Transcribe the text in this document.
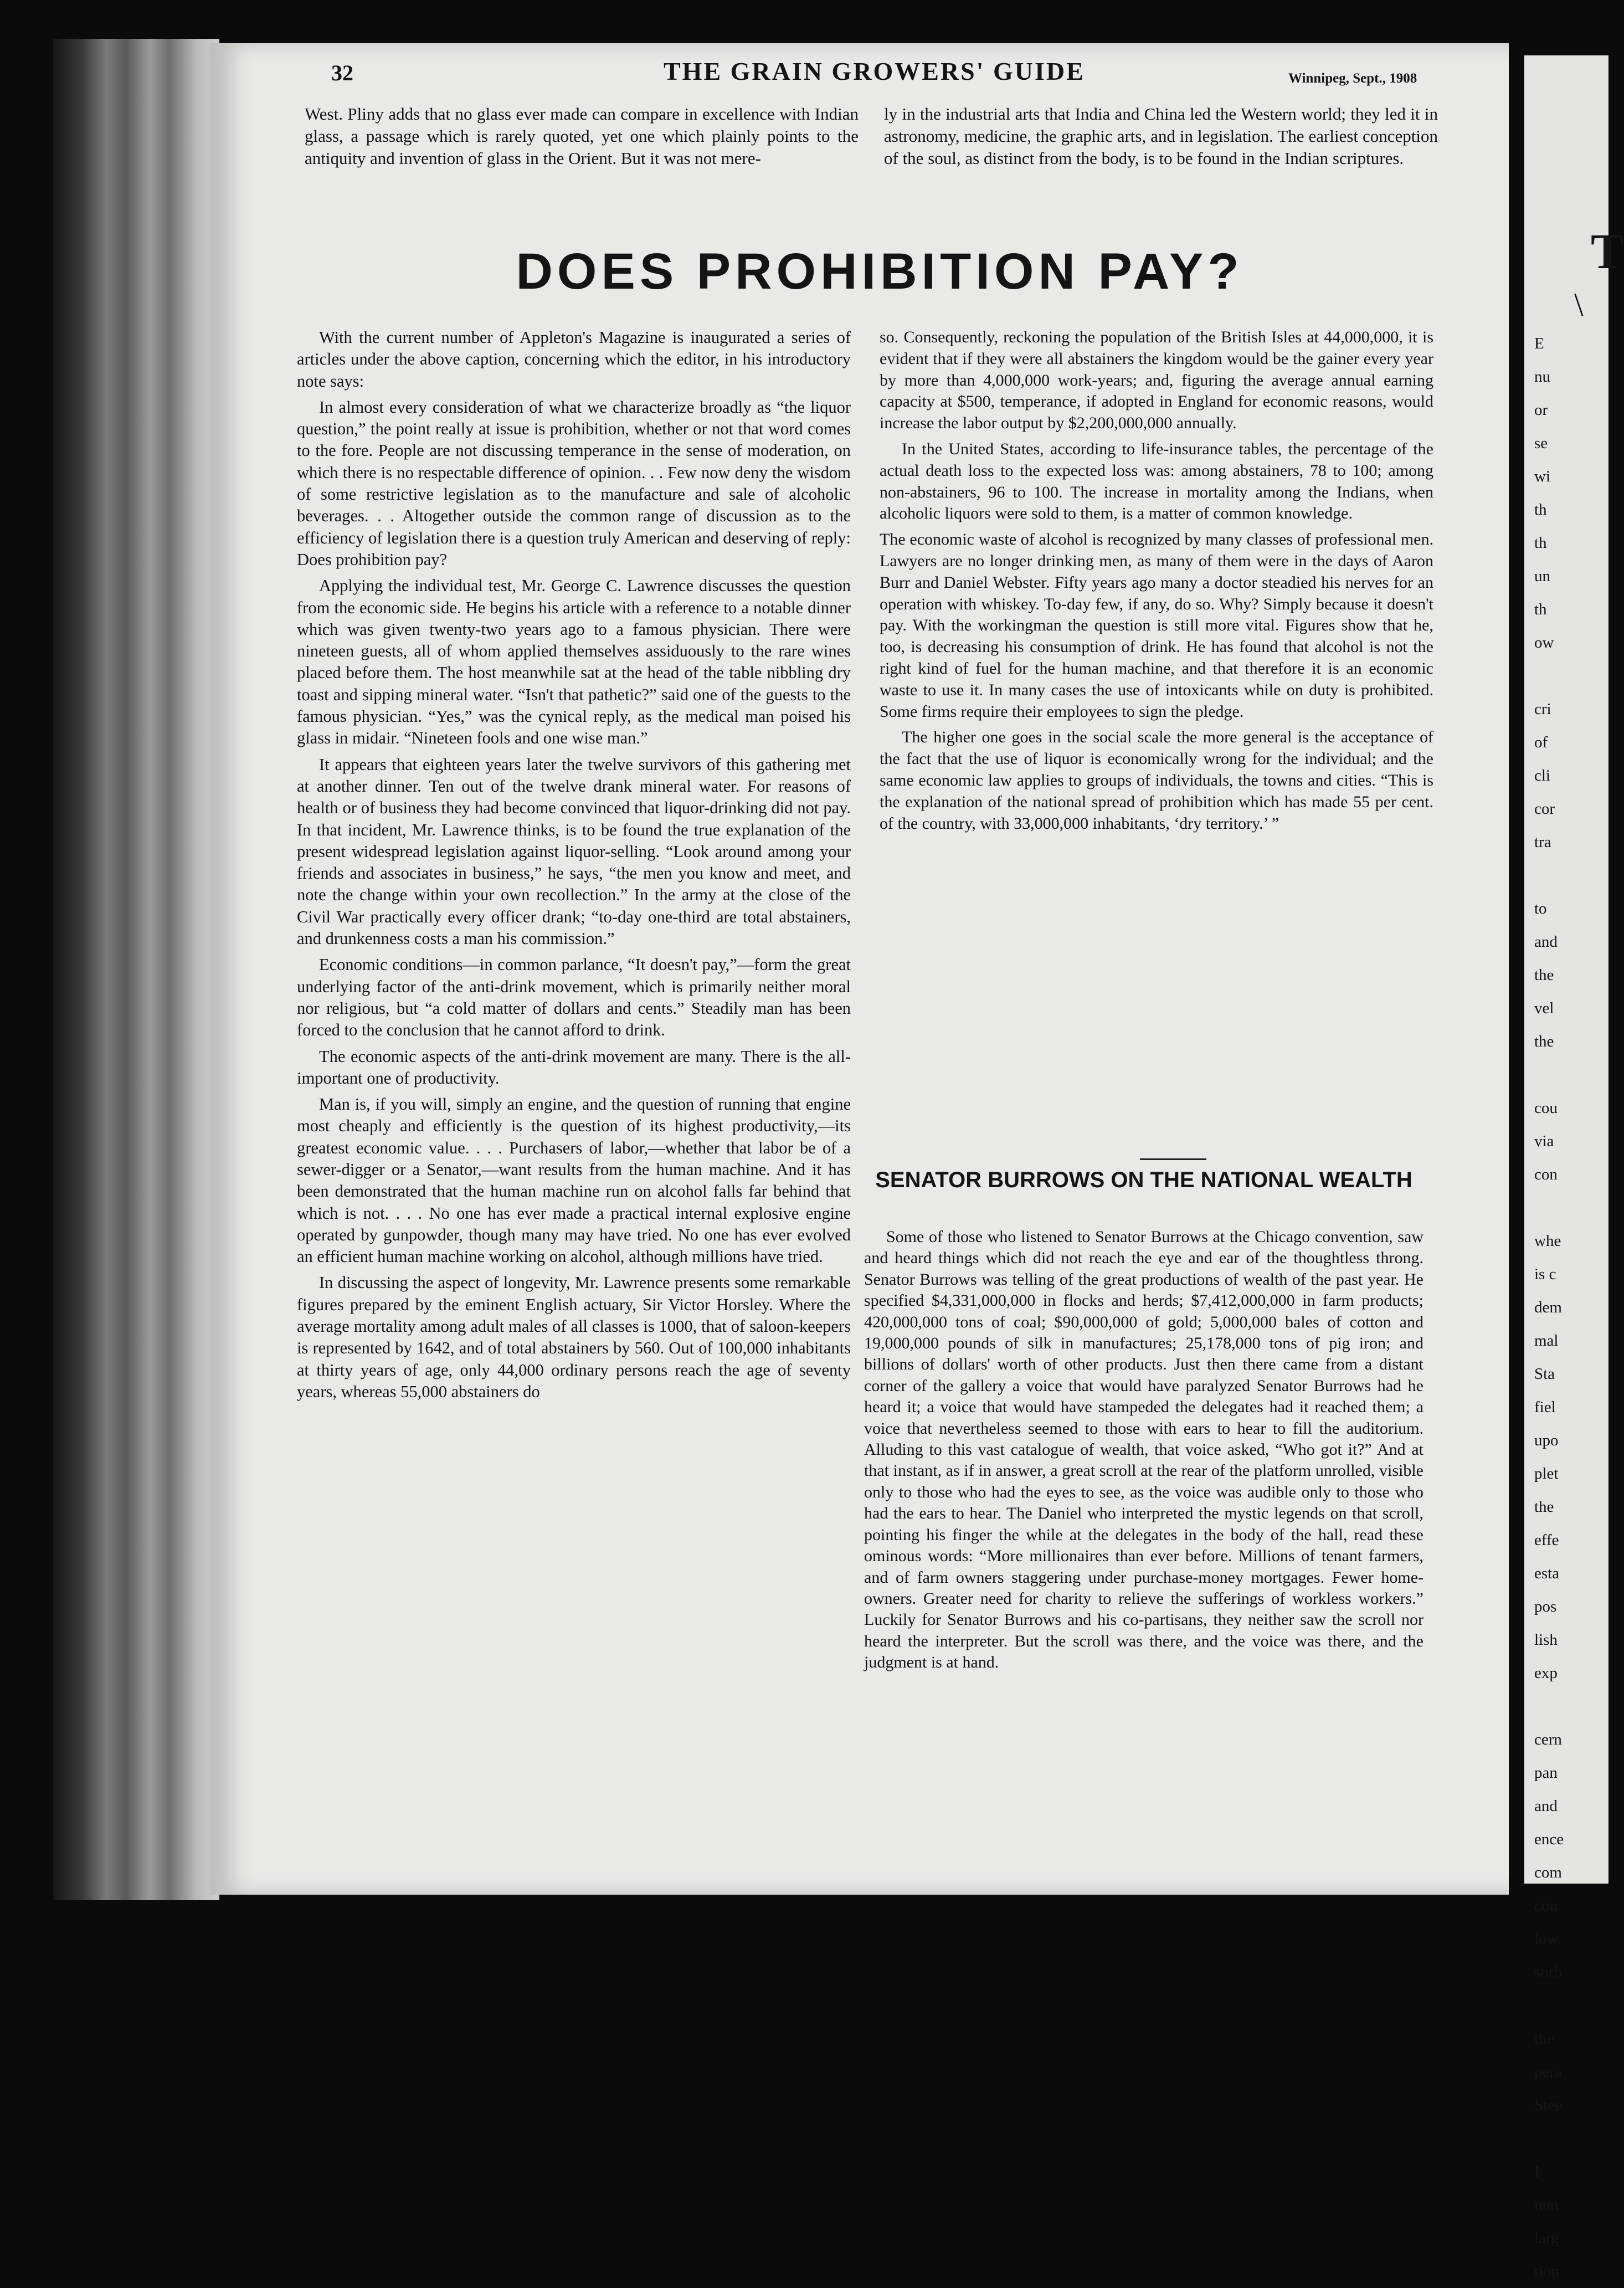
32	THE GRAIN GROWERS' GUIDE	Winnipeg, Sept., 1908

West. Pliny adds that no glass ever made can compare in excellence with Indian glass, a passage which is rarely quoted, yet one which plainly points to the antiquity and invention of glass in the Orient. But it was not mere-

ly in the industrial arts that India and China led the Western world; they led it in astronomy, medicine, the graphic arts, and in legislation. The earliest conception of the soul, as distinct from the body, is to be found in the Indian scriptures.

DOES PROHIBITION PAY?

With the current number of Appleton's Magazine is inaugurated a series of articles under the above caption, concerning which the editor, in his introductory note says:

In almost every consideration of what we characterize broadly as “the liquor question,” the point really at issue is prohibition, whether or not that word comes to the fore. People are not discussing temperance in the sense of moderation, on which there is no respectable difference of opinion. . . Few now deny the wisdom of some restrictive legislation as to the manufacture and sale of alcoholic beverages. . . Altogether outside the common range of discussion as to the efficiency of legislation there is a question truly American and deserving of reply: Does prohibition pay?

Applying the individual test, Mr. George C. Lawrence discusses the question from the economic side. He begins his article with a reference to a notable dinner which was given twenty-two years ago to a famous physician. There were nineteen guests, all of whom applied themselves assiduously to the rare wines placed before them. The host meanwhile sat at the head of the table nibbling dry toast and sipping mineral water. “Isn't that pathetic?” said one of the guests to the famous physician. “Yes,” was the cynical reply, as the medical man poised his glass in midair. “Nineteen fools and one wise man.”

It appears that eighteen years later the twelve survivors of this gathering met at another dinner. Ten out of the twelve drank mineral water. For reasons of health or of business they had become convinced that liquor-drinking did not pay. In that incident, Mr. Lawrence thinks, is to be found the true explanation of the present widespread legislation against liquor-selling. “Look around among your friends and associates in business,” he says, “the men you know and meet, and note the change within your own recollection.” In the army at the close of the Civil War practically every officer drank; “to-day one-third are total abstainers, and drunkenness costs a man his commission.”

Economic conditions—in common parlance, “It doesn't pay,”—form the great underlying factor of the anti-drink movement, which is primarily neither moral nor religious, but “a cold matter of dollars and cents.” Steadily man has been forced to the conclusion that he cannot afford to drink.

The economic aspects of the anti-drink movement are many. There is the all-important one of productivity.

Man is, if you will, simply an engine, and the question of running that engine most cheaply and efficiently is the question of its highest productivity,—its greatest economic value. . . . Purchasers of labor,—whether that labor be of a sewer-digger or a Senator,—want results from the human machine. And it has been demonstrated that the human machine run on alcohol falls far behind that which is not. . . . No one has ever made a practical internal explosive engine operated by gunpowder, though many may have tried. No one has ever evolved an efficient human machine working on alcohol, although millions have tried.

In discussing the aspect of longevity, Mr. Lawrence presents some remarkable figures prepared by the eminent English actuary, Sir Victor Horsley. Where the average mortality among adult males of all classes is 1000, that of saloon-keepers is represented by 1642, and of total abstainers by 560. Out of 100,000 inhabitants at thirty years of age, only 44,000 ordinary persons reach the age of seventy years, whereas 55,000 abstainers do

so. Consequently, reckoning the population of the British Isles at 44,000,000, it is evident that if they were all abstainers the kingdom would be the gainer every year by more than 4,000,000 work-years; and, figuring the average annual earning capacity at $500, temperance, if adopted in England for economic reasons, would increase the labor output by $2,200,000,000 annually.

In the United States, according to life-insurance tables, the percentage of the actual death loss to the expected loss was: among abstainers, 78 to 100; among non-abstainers, 96 to 100. The increase in mortality among the Indians, when alcoholic liquors were sold to them, is a matter of common knowledge.

The economic waste of alcohol is recognized by many classes of professional men. Lawyers are no longer drinking men, as many of them were in the days of Aaron Burr and Daniel Webster. Fifty years ago many a doctor steadied his nerves for an operation with whiskey. To-day few, if any, do so. Why? Simply because it doesn't pay. With the workingman the question is still more vital. Figures show that he, too, is decreasing his consumption of drink. He has found that alcohol is not the right kind of fuel for the human machine, and that therefore it is an economic waste to use it. In many cases the use of intoxicants while on duty is prohibited. Some firms require their employees to sign the pledge.

The higher one goes in the social scale the more general is the acceptance of the fact that the use of liquor is economically wrong for the individual; and the same economic law applies to groups of individuals, the towns and cities. “This is the explanation of the national spread of prohibition which has made 55 per cent. of the country, with 33,000,000 inhabitants, ‘dry territory.’ ”

SENATOR BURROWS ON THE NATIONAL WEALTH

Some of those who listened to Senator Burrows at the Chicago convention, saw and heard things which did not reach the eye and ear of the thoughtless throng. Senator Burrows was telling of the great productions of wealth of the past year. He specified $4,331,000,000 in flocks and herds; $7,412,000,000 in farm products; 420,000,000 tons of coal; $90,000,000 of gold; 5,000,000 bales of cotton and 19,000,000 pounds of silk in manufactures; 25,178,000 tons of pig iron; and billions of dollars' worth of other products. Just then there came from a distant corner of the gallery a voice that would have paralyzed Senator Burrows had he heard it; a voice that would have stampeded the delegates had it reached them; a voice that nevertheless seemed to those with ears to hear to fill the auditorium. Alluding to this vast catalogue of wealth, that voice asked, “Who got it?” And at that instant, as if in answer, a great scroll at the rear of the platform unrolled, visible only to those who had the eyes to see, as the voice was audible only to those who had the ears to hear. The Daniel who interpreted the mystic legends on that scroll, pointing his finger the while at the delegates in the body of the hall, read these ominous words: “More millionaires than ever before. Millions of tenant farmers, and of farm owners staggering under purchase-money mortgages. Fewer home-owners. Greater need for charity to relieve the sufferings of workless workers.” Luckily for Senator Burrows and his co-partisans, they neither saw the scroll nor heard the interpreter. But the scroll was there, and the voice was there, and the judgment is at hand.

T
\
E
nu
or
se
wi
th
th
un
th
ow

cri
of
cli
cor
tra

to
and
the
vel
the

cou
via
con

whe
is c
dem
mal
Sta
fiel
upo
plet
the
effe
esta
pos
lish
exp

cern
pan
and
ence
com
con
low
sorb

the
pera
Stee

I
nun
larg
tion
